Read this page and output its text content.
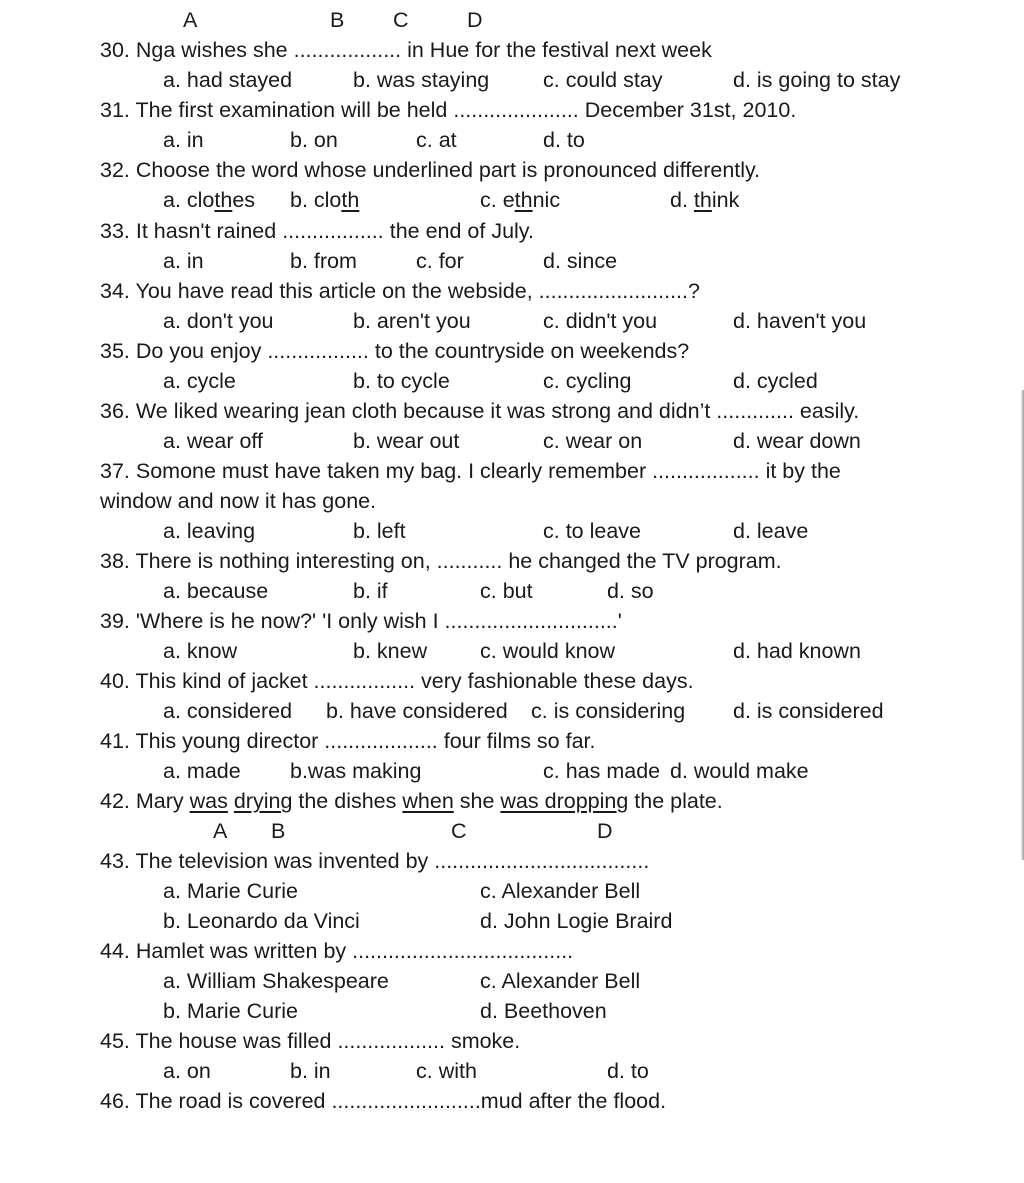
A	B C	D
30. Nga wishes she .................. in Hue for the festival next week
a. had stayed	b. was staying	c. could stay	d. is going to stay
31. The first examination will be held ..................... December 31st, 2010.
a. in	b. on	c. at	d. to
32. Choose the word whose underlined part is pronounced differently.
a. clothes b. cloth	c. ethnic	d. think
33. It hasn't rained ................. the end of July.
a. in	b. from	c. for	d. since
34. You have read this article on the webside, .........................?
a. don't you	b. aren't you	c. didn't you	d. haven't you
35. Do you enjoy ................. to the countryside on weekends?
a. cycle	b. to cycle	c. cycling	d. cycled
36. We liked wearing jean cloth because it was strong and didn’t ............. easily.
a. wear off	b. wear out	c. wear on	d. wear down
37. Somone must have taken my bag. I clearly remember .................. it by the
window and now it has gone.
a. leaving	b. left	c. to leave	d. leave
38. There is nothing interesting on, ........... he changed the TV program.
a. because	b. if	c. but	d. so
39. 'Where is he now?' 'I only wish I .............................'
a. know	b. knew c. would know	d. had known
40. This kind of jacket ................. very fashionable these days.
a. considered b. have considered c. is considering d. is considered
41. This young director ................... four films so far.
a. made b.was making	c. has made d. would make
42. Mary was drying the dishes when she was dropping the plate.
A B	C	D
43. The television was invented by ....................................
a. Marie Curie	c. Alexander Bell
b. Leonardo da Vinci	d. John Logie Braird
44. Hamlet was written by .....................................
a. William Shakespeare	c. Alexander Bell
b. Marie Curie	d. Beethoven
45. The house was filled .................. smoke.
a. on	b. in	c. with	d. to
46. The road is covered .........................mud after the flood.
